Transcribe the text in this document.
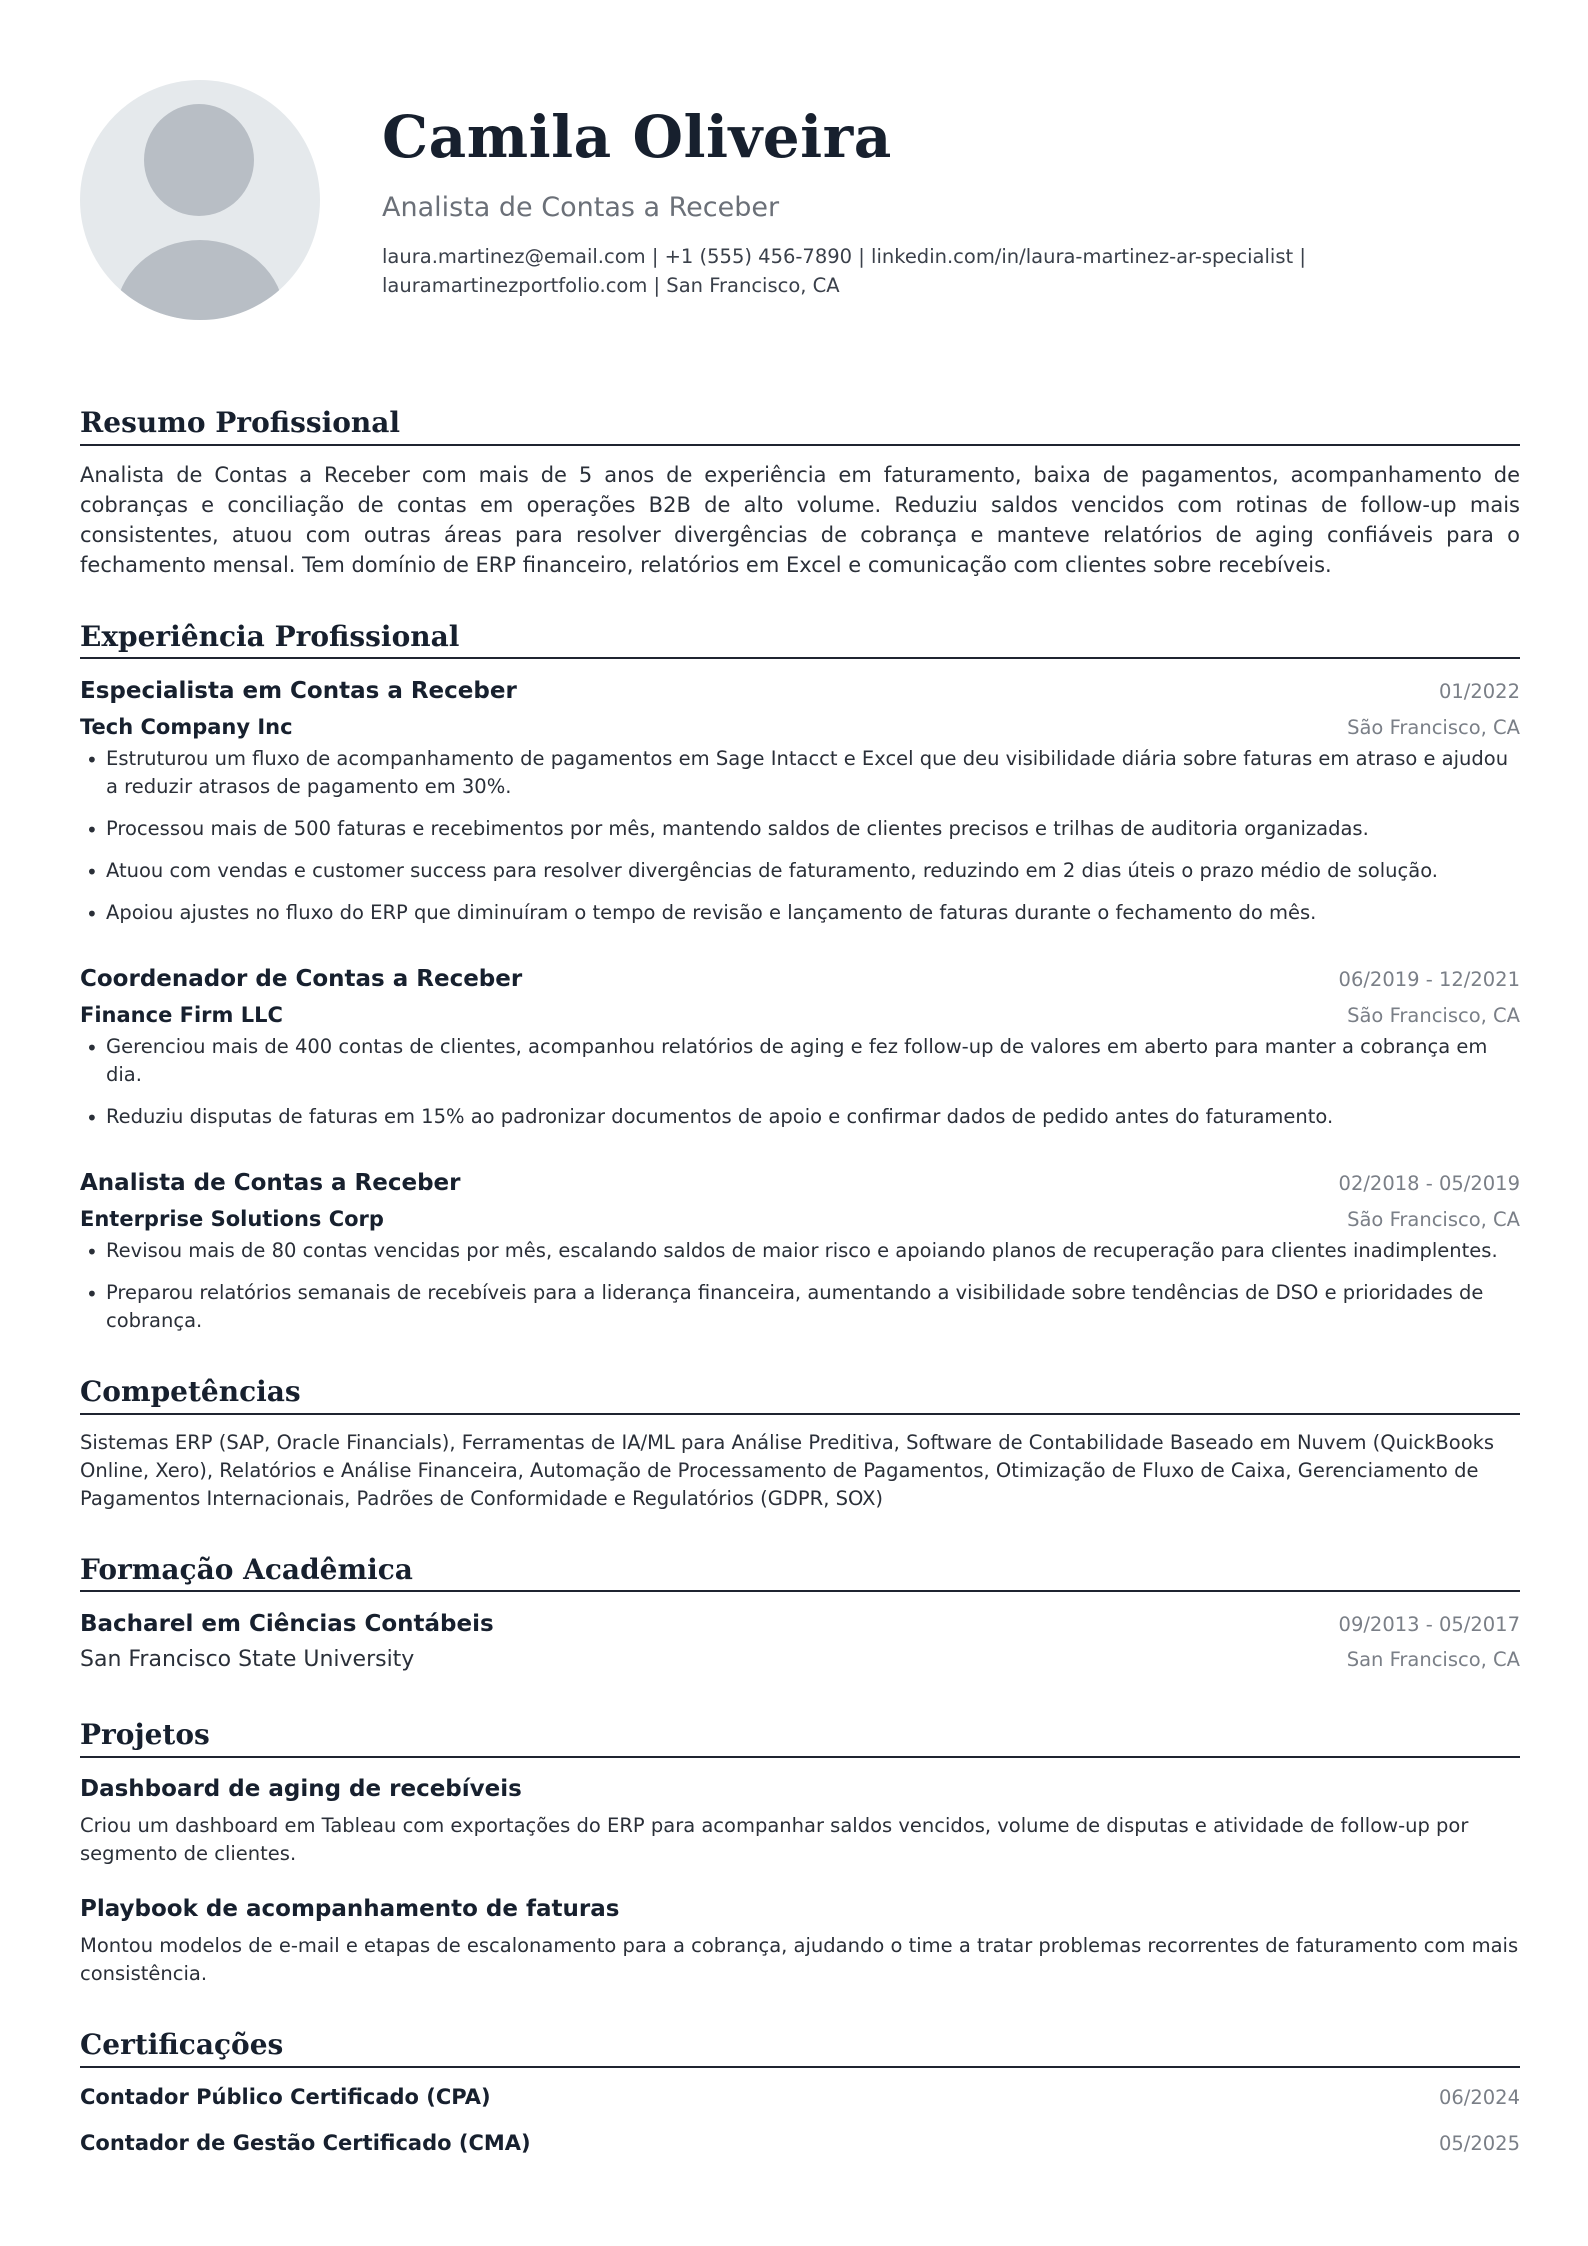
Camila Oliveira
Analista de Contas a Receber
laura.martinez@email.com | +1 (555) 456-7890 | linkedin.com/in/laura-martinez-ar-specialist |
lauramartinezportfolio.com | San Francisco, CA
Resumo Profissional

Analista de Contas a Receber com mais de 5 anos de experiência em faturamento, baixa de pagamentos, acompanhamento de cobranças e conciliação de contas em operações B2B de alto volume. Reduziu saldos vencidos com rotinas de follow-up mais consistentes, atuou com outras áreas para resolver divergências de cobrança e manteve relatórios de aging confiáveis para o fechamento mensal. Tem domínio de ERP financeiro, relatórios em Excel e comunicação com clientes sobre recebíveis.

Experiência Profissional
Especialista em Contas a Receber	01/2022
Tech Company Inc	São Francisco, CA
• Estruturou um fluxo de acompanhamento de pagamentos em Sage Intacct e Excel que deu visibilidade diária sobre faturas em atraso e ajudou a reduzir atrasos de pagamento em 30%.
• Processou mais de 500 faturas e recebimentos por mês, mantendo saldos de clientes precisos e trilhas de auditoria organizadas.
• Atuou com vendas e customer success para resolver divergências de faturamento, reduzindo em 2 dias úteis o prazo médio de solução.
• Apoiou ajustes no fluxo do ERP que diminuíram o tempo de revisão e lançamento de faturas durante o fechamento do mês.
Coordenador de Contas a Receber	06/2019 - 12/2021
Finance Firm LLC	São Francisco, CA
• Gerenciou mais de 400 contas de clientes, acompanhou relatórios de aging e fez follow-up de valores em aberto para manter a cobrança em dia.
• Reduziu disputas de faturas em 15% ao padronizar documentos de apoio e confirmar dados de pedido antes do faturamento.
Analista de Contas a Receber	02/2018 - 05/2019
Enterprise Solutions Corp	São Francisco, CA
• Revisou mais de 80 contas vencidas por mês, escalando saldos de maior risco e apoiando planos de recuperação para clientes inadimplentes.
• Preparou relatórios semanais de recebíveis para a liderança financeira, aumentando a visibilidade sobre tendências de DSO e prioridades de cobrança.
Competências

Sistemas ERP (SAP, Oracle Financials), Ferramentas de IA/ML para Análise Preditiva, Software de Contabilidade Baseado em Nuvem (QuickBooks Online, Xero), Relatórios e Análise Financeira, Automação de Processamento de Pagamentos, Otimização de Fluxo de Caixa, Gerenciamento de Pagamentos Internacionais, Padrões de Conformidade e Regulatórios (GDPR, SOX)

Formação Acadêmica
Bacharel em Ciências Contábeis	09/2013 - 05/2017
San Francisco State University	San Francisco, CA
Projetos
Dashboard de aging de recebíveis

Criou um dashboard em Tableau com exportações do ERP para acompanhar saldos vencidos, volume de disputas e atividade de follow-up por segmento de clientes.

Playbook de acompanhamento de faturas

Montou modelos de e-mail e etapas de escalonamento para a cobrança, ajudando o time a tratar problemas recorrentes de faturamento com mais consistência.

Certificações
Contador Público Certificado (CPA)	06/2024
Contador de Gestão Certificado (CMA)	05/2025
